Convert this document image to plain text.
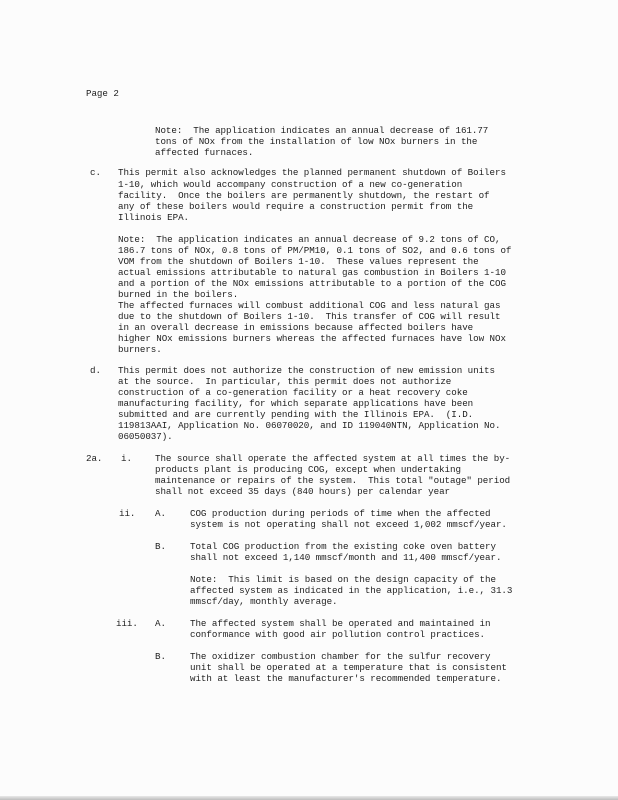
Page 2
Note:  The application indicates an annual decrease of 161.77
tons of NOx from the installation of low NOx burners in the
affected furnaces.
c. This permit also acknowledges the planned permanent shutdown of Boilers
1-10, which would accompany construction of a new co-generation
facility.  Once the boilers are permanently shutdown, the restart of
any of these boilers would require a construction permit from the
Illinois EPA.
Note:  The application indicates an annual decrease of 9.2 tons of CO,
186.7 tons of NOx, 0.8 tons of PM/PM10, 0.1 tons of SO2, and 0.6 tons of
VOM from the shutdown of Boilers 1-10.  These values represent the
actual emissions attributable to natural gas combustion in Boilers 1-10
and a portion of the NOx emissions attributable to a portion of the COG
burned in the boilers.
The affected furnaces will combust additional COG and less natural gas
due to the shutdown of Boilers 1-10.  This transfer of COG will result
in an overall decrease in emissions because affected boilers have
higher NOx emissions burners whereas the affected furnaces have low NOx
burners.
d. This permit does not authorize the construction of new emission units
at the source.  In particular, this permit does not authorize
construction of a co-generation facility or a heat recovery coke
manufacturing facility, for which separate applications have been
submitted and are currently pending with the Illinois EPA.  (I.D.
119813AAI, Application No. 06070020, and ID 119040NTN, Application No.
06050037).
2a. i.	The source shall operate the affected system at all times the by-
products plant is producing COG, except when undertaking
maintenance or repairs of the system.  This total "outage" period
shall not exceed 35 days (840 hours) per calendar year
ii. A.	COG production during periods of time when the affected
system is not operating shall not exceed 1,002 mmscf/year.
B.	Total COG production from the existing coke oven battery
shall not exceed 1,140 mmscf/month and 11,400 mmscf/year.
Note:  This limit is based on the design capacity of the
affected system as indicated in the application, i.e., 31.3
mmscf/day, monthly average.
iii. A.	The affected system shall be operated and maintained in
conformance with good air pollution control practices.
B.	The oxidizer combustion chamber for the sulfur recovery
unit shall be operated at a temperature that is consistent
with at least the manufacturer's recommended temperature.
